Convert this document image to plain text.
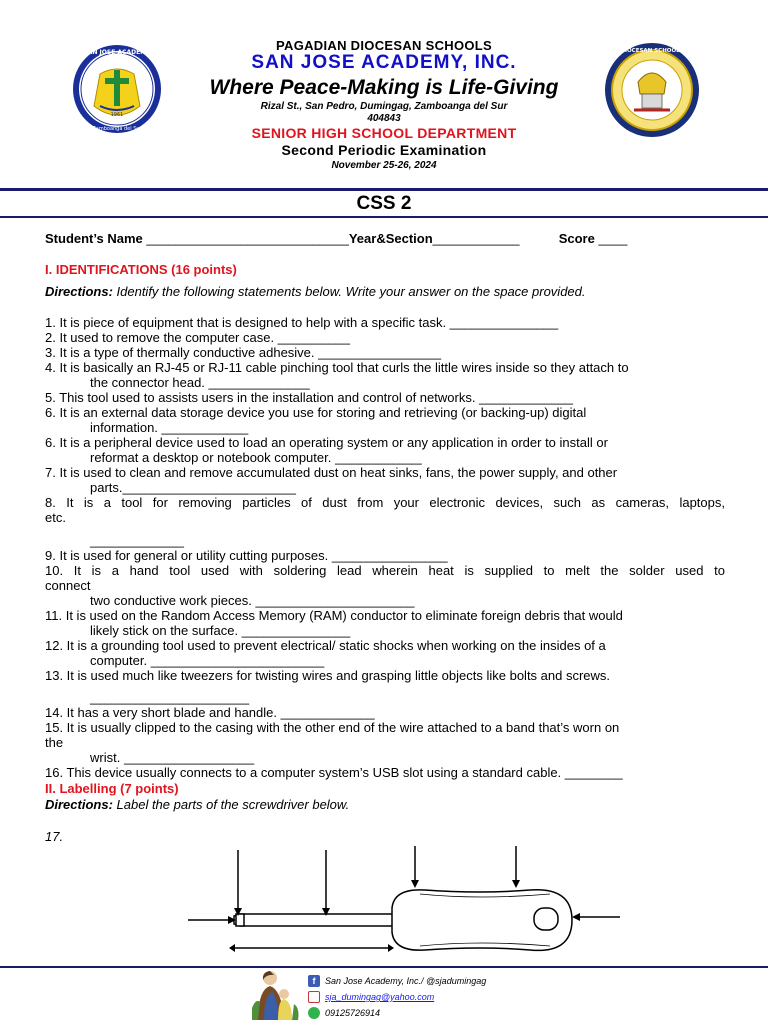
SAN JOSE ACADEMY
Zamboanga del Sur
1961
DIOCESAN SCHOOLS
PAGADIAN DIOCESAN SCHOOLS
SAN JOSE ACADEMY, INC.
Where Peace-Making is Life-Giving
Rizal St., San Pedro, Dumingag, Zamboanga del Sur
404843
SENIOR HIGH SCHOOL DEPARTMENT
Second Periodic Examination
November 25-26, 2024
CSS 2
Student’s Name ____________________________Year&Section____________	Score ____
I. IDENTIFICATIONS (16 points)
Directions: Identify the following statements below. Write your answer on the space provided.
1. It is piece of equipment that is designed to help with a specific task. _______________
2. It used to remove the computer case. __________
3. It is a type of thermally conductive adhesive. _________________
4. It is basically an RJ-45 or RJ-11 cable pinching tool that curls the little wires inside so they attach to
the connector head. ______________
5. This tool used to assists users in the installation and control of networks. _____________
6. It is an external data storage device you use for storing and retrieving (or backing-up) digital
information. ____________
6. It is a peripheral device used to load an operating system or any application in order to install or
reformat a desktop or notebook computer. ____________
7. It is used to clean and remove accumulated dust on heat sinks, fans, the power supply, and other
parts.________________________
8. It is a tool for removing particles of dust from your electronic devices, such as cameras, laptops,
etc.
_____________
9. It is used for general or utility cutting purposes. ________________
10. It is a hand tool used with soldering lead wherein heat is supplied to melt the solder used to
connect
two conductive work pieces. ______________________
11. It is used on the Random Access Memory (RAM) conductor to eliminate foreign debris that would
likely stick on the surface. _______________
12. It is a grounding tool used to prevent electrical/ static shocks when working on the insides of a
computer. ________________________
13. It is used much like tweezers for twisting wires and grasping little objects like bolts and screws.
______________________
14. It has a very short blade and handle. _____________
15. It is usually clipped to the casing with the other end of the wire attached to a band that’s worn on
the
wrist. __________________
16. This device usually connects to a computer system’s USB slot using a standard cable. ________
II. Labelling (7 points)
Directions: Label the parts of the screwdriver below.
17.
f	San Jose Academy, Inc./ @sjadumingag
sja_dumingag@yahoo.com
09125726914
